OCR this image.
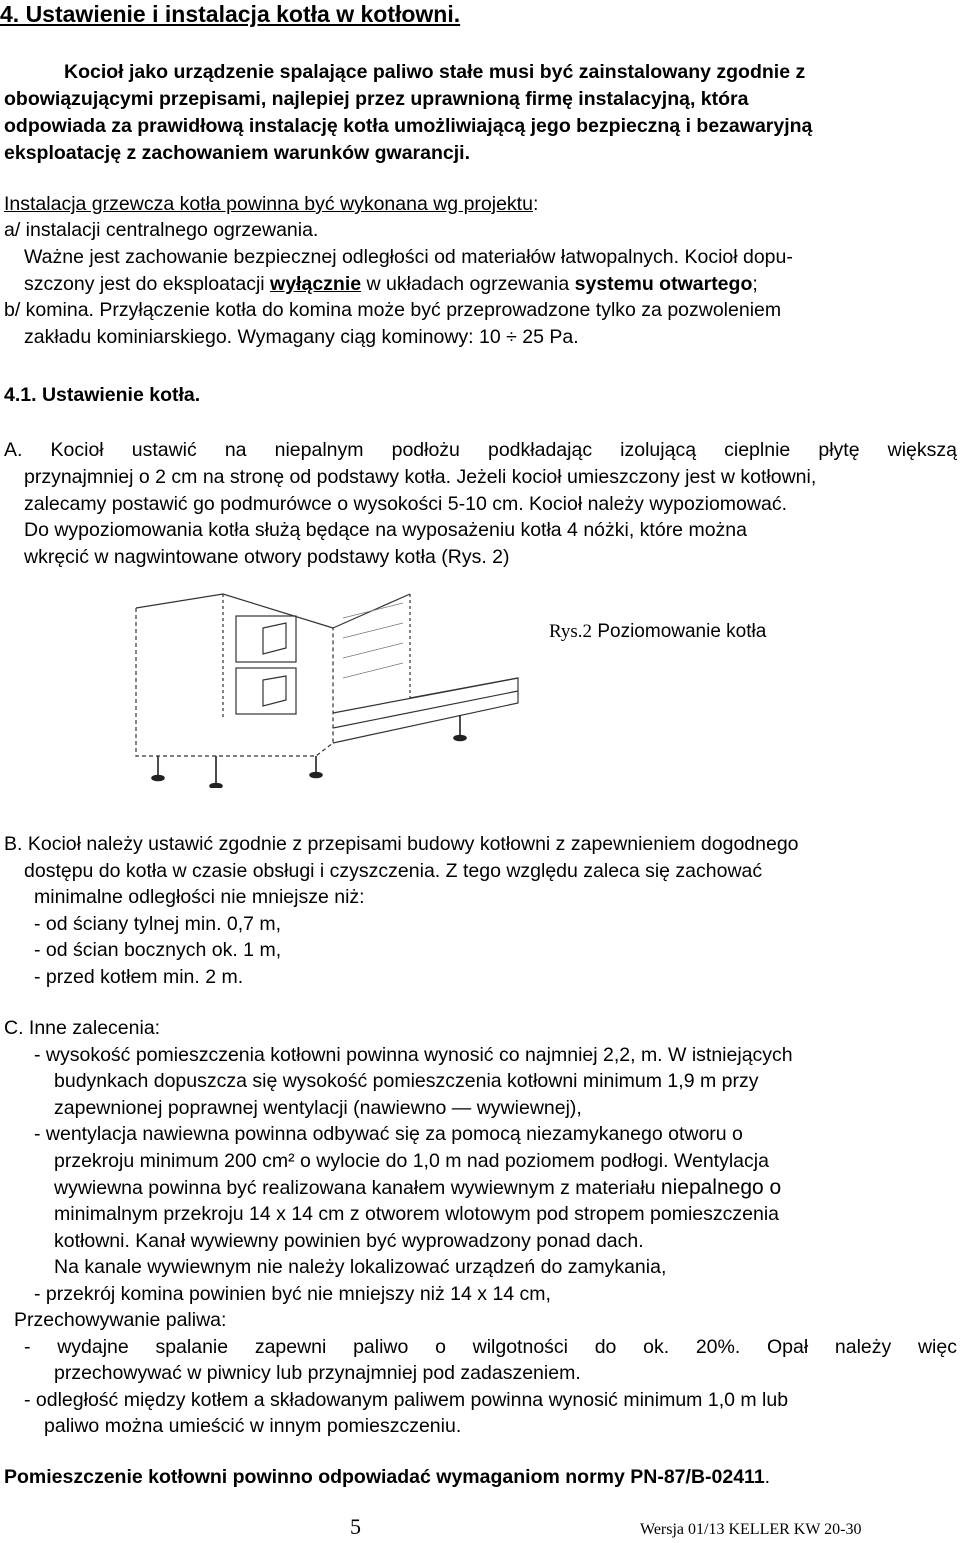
4. Ustawienie i instalacja kotła w kotłowni.
Kocioł jako urządzenie spalające paliwo stałe musi być zainstalowany zgodnie z
obowiązującymi przepisami, najlepiej przez uprawnioną firmę instalacyjną, która
odpowiada za prawidłową instalację kotła umożliwiającą jego bezpieczną i bezawaryjną
eksploatację z zachowaniem warunków gwarancji.
Instalacja grzewcza kotła powinna być wykonana wg projektu:
a/ instalacji centralnego ogrzewania.
Ważne jest zachowanie bezpiecznej odległości od materiałów łatwopalnych. Kocioł dopu-
szczony jest do eksploatacji wyłącznie w układach ogrzewania systemu otwartego;
b/ komina. Przyłączenie kotła do komina może być przeprowadzone tylko za pozwoleniem
zakładu kominiarskiego. Wymagany ciąg kominowy: 10 ÷ 25 Pa.
4.1. Ustawienie kotła.
A. Kocioł ustawić na niepalnym podłożu podkładając izolującą cieplnie płytę większą
przynajmniej o 2 cm na stronę od podstawy kotła. Jeżeli kocioł umieszczony jest w kotłowni,
zalecamy postawić go podmurówce o wysokości 5-10 cm. Kocioł należy wypoziomować.
Do wypoziomowania kotła służą będące na wyposażeniu kotła 4 nóżki, które można
wkręcić w nagwintowane otwory podstawy kotła (Rys. 2)
Rys.2 Poziomowanie kotła
B. Kocioł należy ustawić zgodnie z przepisami budowy kotłowni z zapewnieniem dogodnego
dostępu do kotła w czasie obsługi i czyszczenia. Z tego względu zaleca się zachować
minimalne odległości nie mniejsze niż:
- od ściany tylnej min. 0,7 m,
- od ścian bocznych ok. 1 m,
- przed kotłem min. 2 m.
C. Inne zalecenia:
- wysokość pomieszczenia kotłowni powinna wynosić co najmniej 2,2, m. W istniejących
budynkach dopuszcza się wysokość pomieszczenia kotłowni minimum 1,9 m przy
zapewnionej poprawnej wentylacji (nawiewno — wywiewnej),
- wentylacja nawiewna powinna odbywać się za pomocą niezamykanego otworu o
przekroju minimum 200 cm² o wylocie do 1,0 m nad poziomem podłogi. Wentylacja
wywiewna powinna być realizowana kanałem wywiewnym z materiału niepalnego o
minimalnym przekroju 14 x 14 cm z otworem wlotowym pod stropem pomieszczenia
kotłowni. Kanał wywiewny powinien być wyprowadzony ponad dach.
Na kanale wywiewnym nie należy lokalizować urządzeń do zamykania,
- przekrój komina powinien być nie mniejszy niż 14 x 14 cm,
Przechowywanie paliwa:
- wydajne spalanie zapewni paliwo o wilgotności do ok. 20%. Opał należy więc
przechowywać w piwnicy lub przynajmniej pod zadaszeniem.
- odległość między kotłem a składowanym paliwem powinna wynosić minimum 1,0 m lub
paliwo można umieścić w innym pomieszczeniu.
Pomieszczenie kotłowni powinno odpowiadać wymaganiom normy PN-87/B-02411.
5	Wersja 01/13 KELLER KW 20-30
